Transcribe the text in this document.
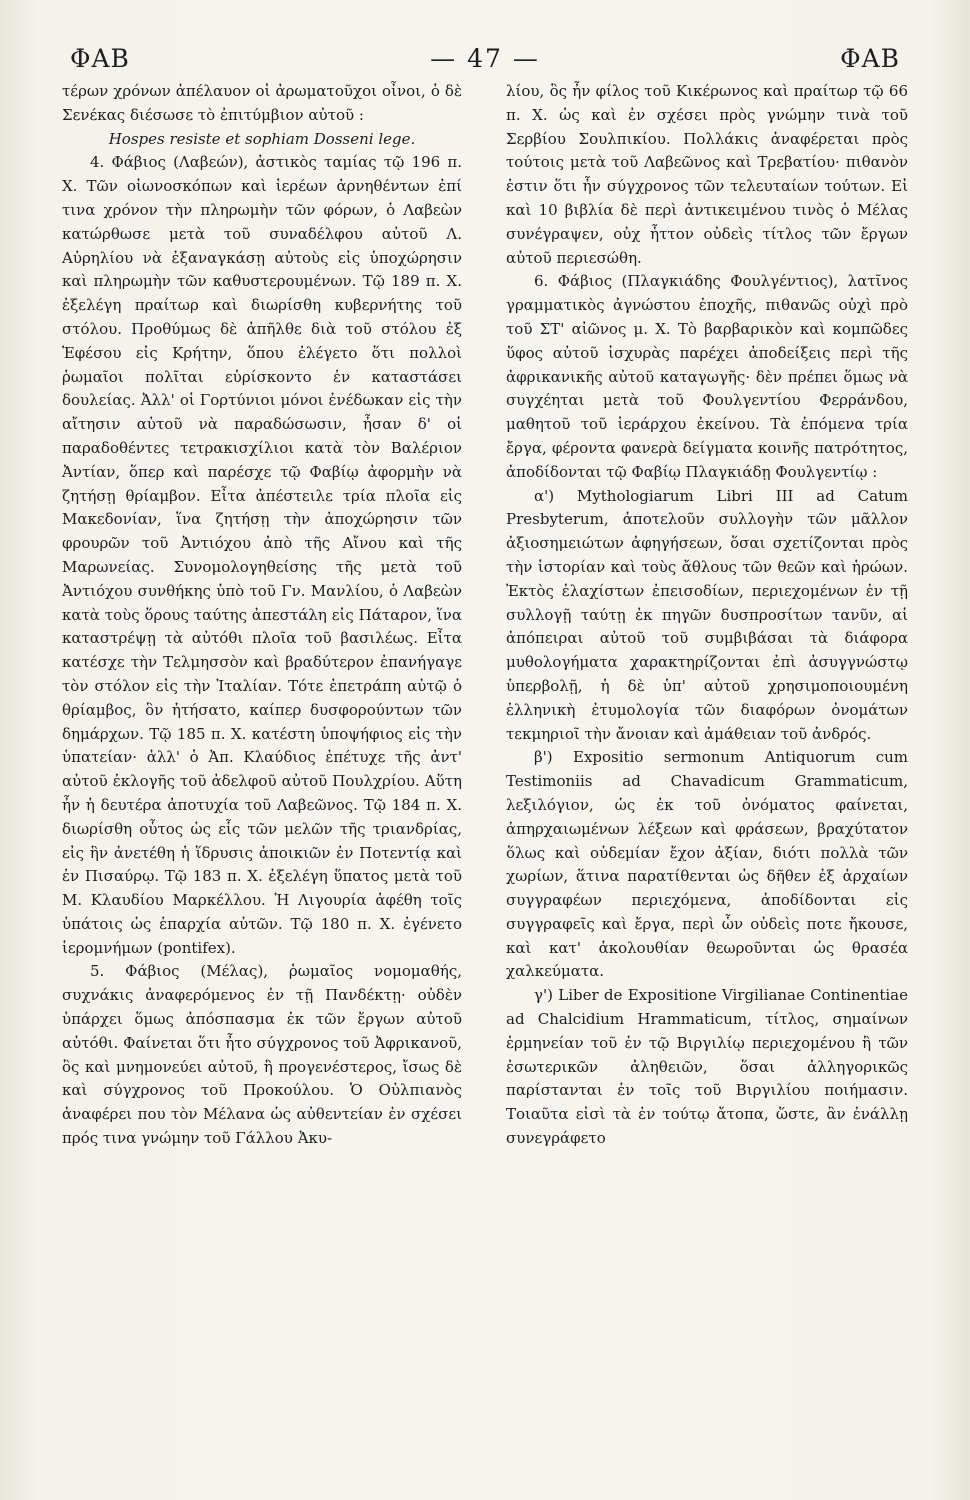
ΦΑΒ	— 47 —	ΦΑΒ

τέρων χρόνων ἀπέλαυον οἱ ἀρωματοῦχοι οἶνοι, ὁ δὲ Σενέκας διέσωσε τὸ ἐπιτύμβιον αὐτοῦ :

Hospes resiste et sophiam Dosseni lege.

4. Φάβιος (Λαβεών), ἀστικὸς ταμίας τῷ 196 π. Χ. Τῶν οἰωνοσκόπων καὶ ἱερέων ἀρνηθέντων ἐπί τινα χρόνον τὴν πληρωμὴν τῶν φόρων, ὁ Λαβεὼν κατώρθωσε μετὰ τοῦ συναδέλφου αὐτοῦ Λ. Αὐρηλίου νὰ ἐξαναγκάσῃ αὐτοὺς εἰς ὑποχώρησιν καὶ πληρωμὴν τῶν καθυστερουμένων. Τῷ 189 π. Χ. ἐξελέγη πραίτωρ καὶ διωρίσθη κυβερνήτης τοῦ στόλου. Προθύμως δὲ ἀπῆλθε διὰ τοῦ στόλου ἐξ Ἐφέσου εἰς Κρήτην, ὅπου ἐλέγετο ὅτι πολλοὶ ῥωμαῖοι πολῖται εὑρίσκοντο ἐν καταστάσει δουλείας. Ἀλλ' οἱ Γορτύνιοι μόνοι ἐνέδωκαν εἰς τὴν αἴτησιν αὐτοῦ νὰ παραδώσωσιν, ἦσαν δ' οἱ παραδοθέντες τετρακισχίλιοι κατὰ τὸν Βαλέριον Ἀντίαν, ὅπερ καὶ παρέσχε τῷ Φαβίῳ ἀφορμὴν νὰ ζητήσῃ θρίαμβον. Εἶτα ἀπέστειλε τρία πλοῖα εἰς Μακεδονίαν, ἵνα ζητήσῃ τὴν ἀποχώρησιν τῶν φρουρῶν τοῦ Ἀντιόχου ἀπὸ τῆς Αἴνου καὶ τῆς Μαρωνείας. Συνομολογηθείσης τῆς μετὰ τοῦ Ἀντιόχου συνθήκης ὑπὸ τοῦ Γν. Μανλίου, ὁ Λαβεὼν κατὰ τοὺς ὅρους ταύτης ἀπεστάλη εἰς Πάταρον, ἵνα καταστρέψῃ τὰ αὐτόθι πλοῖα τοῦ βασιλέως. Εἶτα κατέσχε τὴν Τελμησσὸν καὶ βραδύτερον ἐπανήγαγε τὸν στόλον εἰς τὴν Ἰταλίαν. Τότε ἐπετράπη αὐτῷ ὁ θρίαμβος, ὃν ἠτήσατο, καίπερ δυσφορούντων τῶν δημάρχων. Τῷ 185 π. Χ. κατέστη ὑποψήφιος εἰς τὴν ὑπατείαν· ἀλλ' ὁ Ἀπ. Κλαύδιος ἐπέτυχε τῆς ἀντ' αὐτοῦ ἐκλογῆς τοῦ ἀδελφοῦ αὐτοῦ Πουλχρίου. Αὕτη ἦν ἡ δευτέρα ἀποτυχία τοῦ Λαβεῶνος. Τῷ 184 π. Χ. διωρίσθη οὗτος ὡς εἷς τῶν μελῶν τῆς τριανδρίας, εἰς ἣν ἀνετέθη ἡ ἵδρυσις ἀποικιῶν ἐν Ποτεντίᾳ καὶ ἐν Πισαύρῳ. Τῷ 183 π. Χ. ἐξελέγη ὕπατος μετὰ τοῦ Μ. Κλαυδίου Μαρκέλλου. Ἡ Λιγουρία ἀφέθη τοῖς ὑπάτοις ὡς ἐπαρχία αὐτῶν. Τῷ 180 π. Χ. ἐγένετο ἱερομνήμων (pontifex).

5. Φάβιος (Μέλας), ῥωμαῖος νομομαθής, συχνάκις ἀναφερόμενος ἐν τῇ Πανδέκτῃ· οὐδὲν ὑπάρχει ὅμως ἀπόσπασμα ἐκ τῶν ἔργων αὐτοῦ αὐτόθι. Φαίνεται ὅτι ἦτο σύγχρονος τοῦ Ἀφρικανοῦ, ὃς καὶ μνημονεύει αὐτοῦ, ἢ προγενέστερος, ἴσως δὲ καὶ σύγχρονος τοῦ Προκούλου. Ὁ Οὐλπιανὸς ἀναφέρει που τὸν Μέλανα ὡς αὐθεντείαν ἐν σχέσει πρός τινα γνώμην τοῦ Γάλλου Ἀκυ-

λίου, ὃς ἦν φίλος τοῦ Κικέρωνος καὶ πραίτωρ τῷ 66 π. Χ. ὡς καὶ ἐν σχέσει πρὸς γνώμην τινὰ τοῦ Σερβίου Σουλπικίου. Πολλάκις ἀναφέρεται πρὸς τούτοις μετὰ τοῦ Λαβεῶνος καὶ Τρεβατίου· πιθανὸν ἐστιν ὅτι ἦν σύγχρονος τῶν τελευταίων τούτων. Εἰ καὶ 10 βιβλία δὲ περὶ ἀντικειμένου τινὸς ὁ Μέλας συνέγραψεν, οὐχ ἧττον οὐδεὶς τίτλος τῶν ἔργων αὐτοῦ περιεσώθη.

6. Φάβιος (Πλαγκιάδης Φουλγέντιος), λατῖνος γραμματικὸς ἀγνώστου ἐποχῆς, πιθανῶς οὐχὶ πρὸ τοῦ ΣΤ' αἰῶνος μ. Χ. Τὸ βαρβαρικὸν καὶ κομπῶδες ὕφος αὐτοῦ ἰσχυρὰς παρέχει ἀποδείξεις περὶ τῆς ἀφρικανικῆς αὐτοῦ καταγωγῆς· δὲν πρέπει ὅμως νὰ συγχέηται μετὰ τοῦ Φουλγεντίου Φερράνδου, μαθητοῦ τοῦ ἱεράρχου ἐκείνου. Τὰ ἑπόμενα τρία ἔργα, φέροντα φανερὰ δείγματα κοινῆς πατρότητος, ἀποδίδονται τῷ Φαβίῳ Πλαγκιάδῃ Φουλγεντίῳ :

α') Mythologiarum Libri III ad Catum Presbyterum, ἀποτελοῦν συλλογὴν τῶν μᾶλλον ἀξιοσημειώτων ἀφηγήσεων, ὅσαι σχετίζονται πρὸς τὴν ἱστορίαν καὶ τοὺς ἄθλους τῶν θεῶν καὶ ἡρώων. Ἐκτὸς ἐλαχίστων ἐπεισοδίων, περιεχομένων ἐν τῇ συλλογῇ ταύτῃ ἐκ πηγῶν δυσπροσίτων τανῦν, αἱ ἀπόπειραι αὐτοῦ τοῦ συμβιβάσαι τὰ διάφορα μυθολογήματα χαρακτηρίζονται ἐπὶ ἀσυγγνώστῳ ὑπερβολῇ, ἡ δὲ ὑπ' αὐτοῦ χρησιμοποιουμένη ἑλληνικὴ ἐτυμολογία τῶν διαφόρων ὀνομάτων τεκμηριοῖ τὴν ἄνοιαν καὶ ἀμάθειαν τοῦ ἀνδρός.

β') Expositio sermonum Antiquorum cum Testimoniis ad Chavadicum Grammaticum, λεξιλόγιον, ὡς ἐκ τοῦ ὀνόματος φαίνεται, ἀπηρχαιωμένων λέξεων καὶ φράσεων, βραχύτατον ὅλως καὶ οὐδεμίαν ἔχον ἀξίαν, διότι πολλὰ τῶν χωρίων, ἅτινα παρατίθενται ὡς δῆθεν ἐξ ἀρχαίων συγγραφέων περιεχόμενα, ἀποδίδονται εἰς συγγραφεῖς καὶ ἔργα, περὶ ὧν οὐδεὶς ποτε ἤκουσε, καὶ κατ' ἀκολουθίαν θεωροῦνται ὡς θρασέα χαλκεύματα.

γ') Liber de Expositione Virgilianae Continentiae ad Chalcidium Hrammaticum, τίτλος, σημαίνων ἑρμηνείαν τοῦ ἐν τῷ Βιργιλίῳ περιεχομένου ἢ τῶν ἐσωτερικῶν ἀληθειῶν, ὅσαι ἀλληγορικῶς παρίστανται ἐν τοῖς τοῦ Βιργιλίου ποιήμασιν. Τοιαῦτα εἰσὶ τὰ ἐν τούτῳ ἄτοπα, ὥστε, ἂν ἐνάλλῃ συνεγράφετο
